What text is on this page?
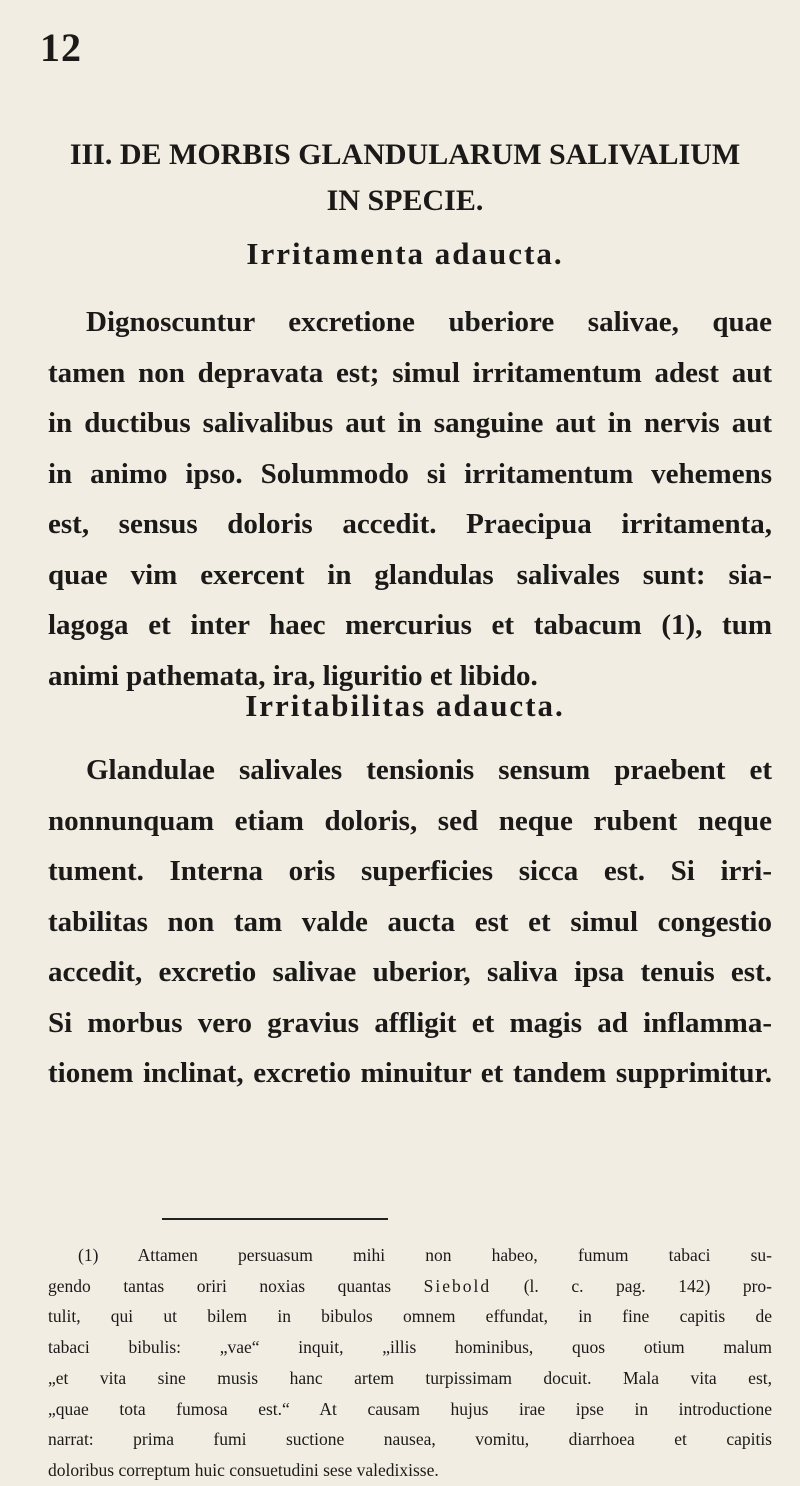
12
III. DE MORBIS GLANDULARUM SALIVALIUM
IN SPECIE.
Irritamenta adaucta.

Dignoscuntur excretione uberiore salivae, quae
tamen non depravata est; simul irritamentum adest aut
in ductibus salivalibus aut in sanguine aut in nervis aut
in animo ipso. Solummodo si irritamentum vehemens
est, sensus doloris accedit. Praecipua irritamenta,
quae vim exercent in glandulas salivales sunt: sia-
lagoga et inter haec mercurius et tabacum (1), tum
animi pathemata, ira, liguritio et libido.

Irritabilitas adaucta.

Glandulae salivales tensionis sensum praebent et
nonnunquam etiam doloris, sed neque rubent neque
tument. Interna oris superficies sicca est. Si irri-
tabilitas non tam valde aucta est et simul congestio
accedit, excretio salivae uberior, saliva ipsa tenuis est.
Si morbus vero gravius affligit et magis ad inflamma-
tionem inclinat, excretio minuitur et tandem supprimitur.

(1) Attamen persuasum mihi non habeo, fumum tabaci su-
gendo tantas oriri noxias quantas Siebold (l. c. pag. 142) pro-
tulit, qui ut bilem in bibulos omnem effundat, in fine capitis de
tabaci bibulis: „vae“ inquit, „illis hominibus, quos otium malum
„et vita sine musis hanc artem turpissimam docuit. Mala vita est,
„quae tota fumosa est.“ At causam hujus irae ipse in introductione
narrat: prima fumi suctione nausea, vomitu, diarrhoea et capitis
doloribus correptum huic consuetudini sese valedixisse.
